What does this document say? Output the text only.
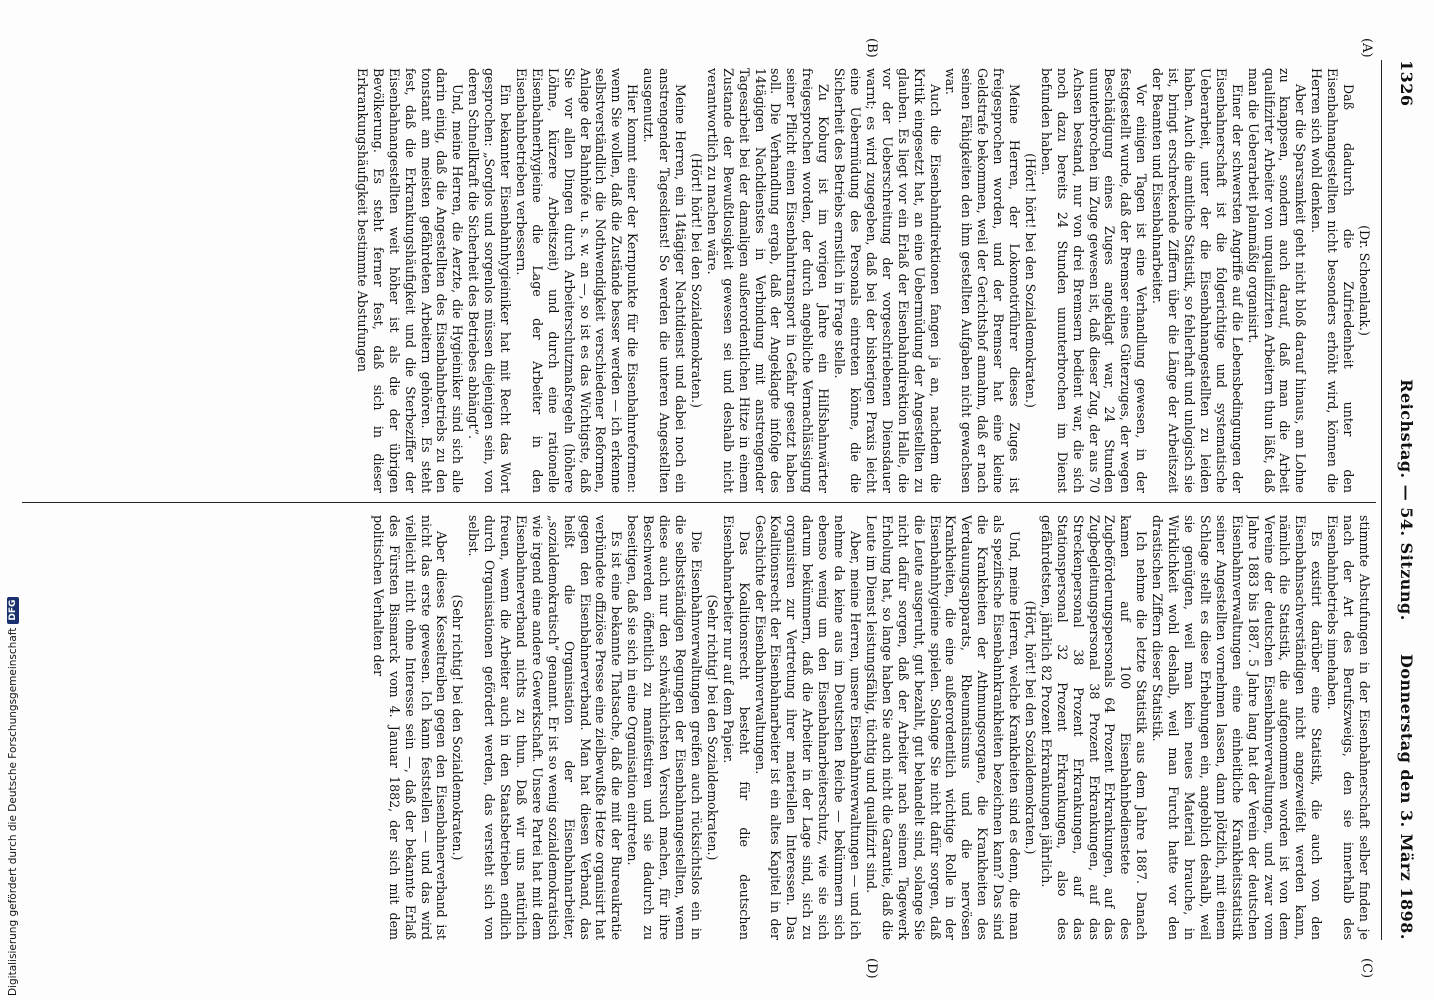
1326
Reichstag. — 54. Sitzung.
Donnerstag den 3. März 1898.
(A)
(B)
(C)
(D)

(Dr. Schoenlank.)

Daß dadurch die Zufriedenheit unter den Eisenbahnangestellten nicht besonders erhöht wird, können die Herren sich wohl denken.

Aber die Sparsamkeit geht nicht bloß darauf hinaus, am Lohne zu knappsen, sondern auch darauf, daß man die Arbeit qualifizirter Arbeiter von unqualifizirten Arbeitern thun läßt, daß man die Ueberarbeit planmäßig organisirt.

Einer der schwersten Angriffe auf die Lebensbedingungen der Eisenbahnerschaft ist die folgerichtige und systematische Ueberarbeit, unter der die Eisenbahnangestellten zu leiden haben. Auch die amtliche Statistik, so fehlerhaft und unlogisch sie ist, bringt erschreckende Ziffern über die Länge der Arbeitszeit der Beamten und Eisenbahnarbeiter.

Vor einigen Tagen ist eine Verhandlung gewesen, in der festgestellt wurde, daß der Bremser eines Güterzuges, der wegen Beschädigung eines Zuges angeklagt war, 24 Stunden ununterbrochen im Zuge gewesen ist, daß dieser Zug, der aus 70 Achsen bestand, nur von drei Bremsern bedient war, die sich noch dazu bereits 24 Stunden ununterbrochen im Dienst befunden haben.

(Hört! hört! bei den Sozialdemokraten.)

Meine Herren, der Lokomotivführer dieses Zuges ist freigesprochen worden, und der Bremser hat eine kleine Geldstrafe bekommen, weil der Gerichtshof annahm, daß er nach seinen Fähigkeiten den ihm gestellten Aufgaben nicht gewachsen war.

Auch die Eisenbahndirektionen fangen ja an, nachdem die Kritik eingesetzt hat, an eine Uebermüdung der Angestellten zu glauben. Es liegt vor ein Erlaß der Eisenbahndirektion Halle, die vor der Ueberschreitung der vorgeschriebenen Diensdauer warnt; es wird zugegeben, daß bei der bisherigen Praxis leicht eine Uebermüdung des Personals eintreten könne, die die Sicherheit des Betriebs ernstlich in Frage stelle.

Zu Koburg ist im vorigen Jahre ein Hilfsbahnwärter freigesprochen worden, der durch angebliche Vernachlässigung seiner Pflicht einen Eisenbahntransport in Gefahr gesetzt haben soll. Die Verhandlung ergab, daß der Angeklagte infolge des 14tägigen Nachdienstes in Verbindung mit anstrengender Tagesarbeit bei der damaligen außerordentlichen Hitze in einem Zustande der Bewußtlosigkeit gewesen sei und deshalb nicht verantwortlich zu machen wäre.

(Hört! hört! bei den Sozialdemokraten.)

Meine Herren, ein 14tägiger Nachtdienst und dabei noch ein anstrengender Tagesdienst! So werden die unteren Angestellten ausgenutzt.

Hier kommt einer der Kernpunkte für die Eisenbahnreformen: wenn Sie wollen, daß die Zustände besser werden — ich erkenne selbstverständlich die Nothwendigkeit verschiedener Reformen, Anlage der Bahnhöfe u. s. w. an —, so ist es das Wichtigste, daß Sie vor allen Dingen durch Arbeiterschutzmaßregeln (höhere Löhne, kürzere Arbeitszeit) und durch eine rationelle Eisenbahnerhygieine die Lage der Arbeiter in den Eisenbahnbetrieben verbessern.

Ein bekannter Eisenbahnhygieiniker hat mit Recht das Wort gesprochen: „Sorglos und sorgenlos müssen diejenigen sein, von deren Schnellkraft die Sicherheit des Betriebes abhängt“.

Und, meine Herren, die Aerzte, die Hygieiniker sind sich alle darin einig, daß die Angestellten des Eisenbahnbetriebs zu den tonstant am meisten gefährdeten Arbeitern gehören. Es steht fest, daß die Erkrankungshäufigkeit und die Sterbeziffer der Eisenbahnangestellten weit höher ist als die der übrigen Bevölkerung. Es steht ferner fest, daß sich in dieser Erkrankungshäufigkeit bestimmte Abstufungen

stimmte Abstufungen in der Eisenbahnerschaft selber finden je nach der Art des Berufszweigs, den sie innerhalb des Eisenbahnbetriebs innehaben.

Es existirt darüber eine Statistik, die auch von den Eisenbahnsachverständigen nicht angezweifelt werden kann, nämlich die Statistik, die aufgenommen worden ist von dem Vereine der deutschen Eisenbahnverwaltungen, und zwar vom Jahre 1883 bis 1887. 5 Jahre lang hat der Verein der deutschen Eisenbahnverwaltungen eine einheitliche Krankheitsstatistik seiner Angestellten vornehmen lassen, dann plötzlich, mit einem Schlage stellt es diese Erhebungen ein, angeblich deshalb, weil sie genügten, weil man kein neues Material brauche, in Wirklichkeit wohl deshalb, weil man Furcht hatte vor den drastischen Ziffern dieser Statistik.

Ich nehme die letzte Statistik aus dem Jahre 1887. Danach kamen auf 100 Eisenbahnbedienstete des Zugbeförderungspersonals 64 Prozent Erkrankungen, auf das Zugbegleitungspersonal 38 Prozent Erkrankungen, auf das Streckenpersonal 38 Prozent Erkrankungen, auf das Stationspersonal 32 Prozent Erkrankungen, also des gefährdetsten, jährlich 82 Prozent Erkrankungen jährlich.

(Hört, hört! bei den Sozialdemokraten.)

Und, meine Herren, welche Krankheiten sind es denn, die man als spezifische Eisenbahnkrankheiten bezeichnen kann? Das sind die Krankheiten der Athmungsorgane, die Krankheiten des Verdauungsapparats, Rheumatismus und die nervösen Krankheiten, die eine außerordentlich wichtige Rolle in der Eisenbahnhygieine spielen. Solange Sie nicht dafür sorgen, daß die Leute ausgeruht, gut bezahlt, gut behandelt sind, solange Sie nicht dafür sorgen, daß der Arbeiter nach seinem Tagewerk Erholung hat, so lange haben Sie auch nicht die Garantie, daß die Leute im Dienst leistungsfähig, tüchtig und qualifizirt sind.

Aber, meine Herren, unsere Eisenbahnverwaltungen — und ich nehme da keine aus im Deutschen Reiche — bekümmern sich ebenso wenig um den Eisenbahnarbeiterschutz, wie sie sich darum bekümmern, daß die Arbeiter in der Lage sind, sich zu organisiren zur Vertretung ihrer materiellen Interessen. Das Koalitionsrecht der Eisenbahnarbeiter ist ein altes Kapitel in der Geschichte der Eisenbahnverwaltungen.

Das Koalitionsrecht besteht für die deutschen Eisenbahnarbeiter nur auf dem Papier.

(Sehr richtig! bei den Sozialdemokraten.)

Die Eisenbahnverwaltungen greifen auch rücksichtslos ein in die selbstständigen Regungen der Eisenbahnangestellten, wenn diese auch nur den schwächlichsten Versuch machen, für ihre Beschwerden öffentlich zu manifestiren und sie dadurch zu beseitigen, daß sie sich in eine Organisation eintreten.

Es ist eine bekannte Thatsache, daß die mit der Bureaukratie verbündete offiziöse Presse eine zielbewußte Hetze organisirt hat gegen den Eisenbahnerverband. Man hat diesen Verband, das heißt die Organisation der Eisenbahnarbeiter, „sozialdemokratisch“ genannt. Er ist so wenig sozialdemokratisch wie irgend eine andere Gewerkschaft. Unsere Partei hat mit dem Eisenbahnerverband nichts zu thun. Daß wir uns natürlich freuen, wenn die Arbeiter auch in den Staatsbetrieben endlich durch Organisationen gefördert werden, das versteht sich von selbst.

(Sehr richtig! bei den Sozialdemokraten.)

Aber dieses Kesseltreiben gegen den Eisenbahnerverband ist nicht das erste gewesen. Ich kann feststellen — und das wird vielleicht nicht ohne Interesse sein —, daß der bekannte Erlaß des Fürsten Bismarck vom 4. Januar 1882, der sich mit dem politischen Verhalten der

Digitalisierung gefördert durch die Deutsche Forschungsgemeinschaft
DFG
